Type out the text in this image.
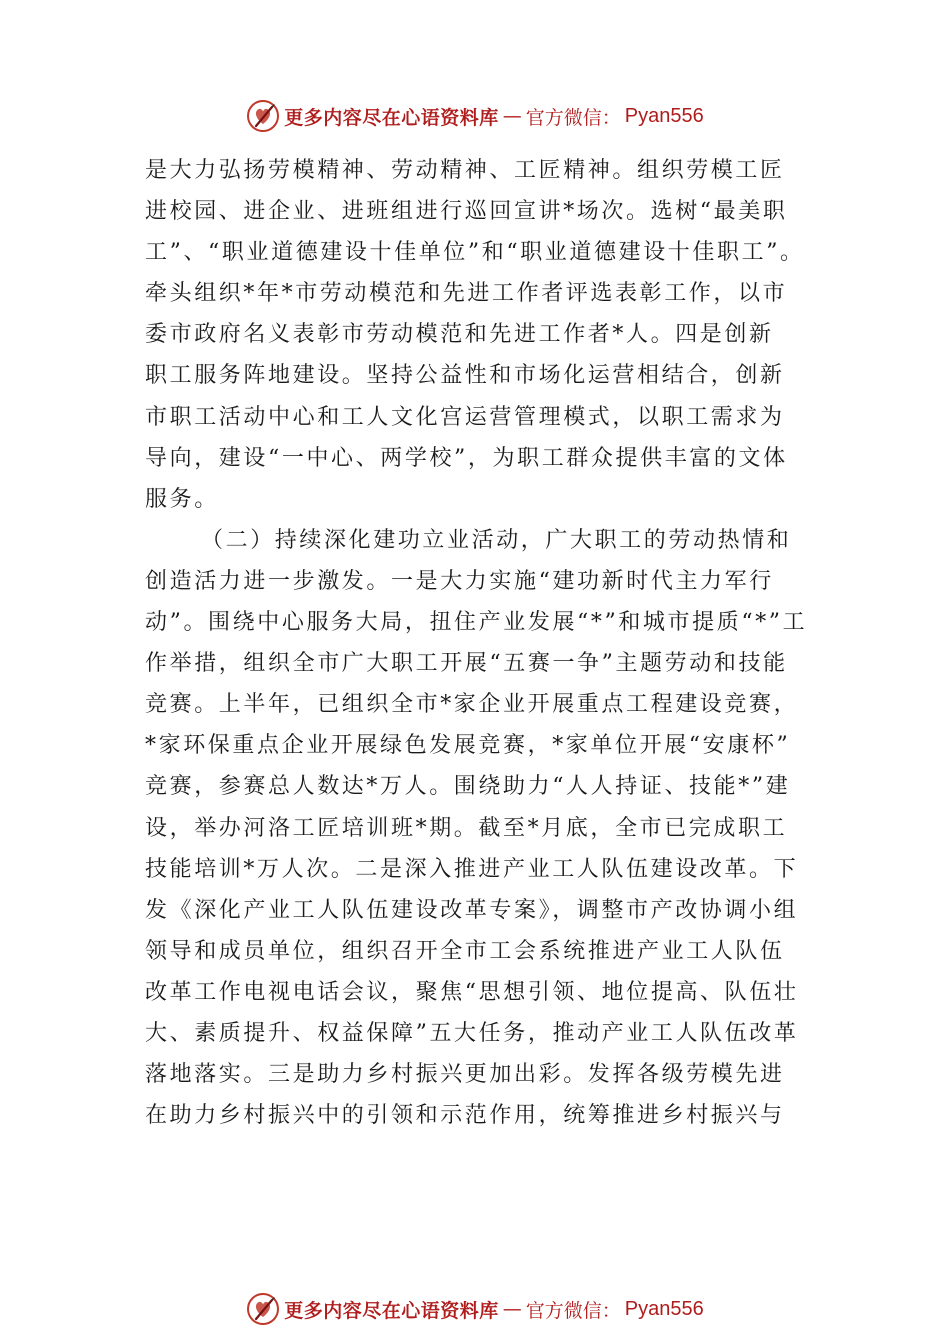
更多内容尽在心语资料库 — 官方微信： Pyan556
是大力弘扬劳模精神、劳动精神、工匠精神。组织劳模工匠
进校园、进企业、进班组进行巡回宣讲*场次。选树“最美职
工”、“职业道德建设十佳单位”和“职业道德建设十佳职工”。
牵头组织*年*市劳动模范和先进工作者评选表彰工作，以市
委市政府名义表彰市劳动模范和先进工作者*人。四是创新
职工服务阵地建设。坚持公益性和市场化运营相结合，创新
市职工活动中心和工人文化宫运营管理模式，以职工需求为
导向，建设“一中心、两学校”，为职工群众提供丰富的文体
服务。
（二）持续深化建功立业活动，广大职工的劳动热情和
创造活力进一步激发。一是大力实施“建功新时代主力军行
动”。围绕中心服务大局，扭住产业发展“*”和城市提质“*”工
作举措，组织全市广大职工开展“五赛一争”主题劳动和技能
竞赛。上半年，已组织全市*家企业开展重点工程建设竞赛，
*家环保重点企业开展绿色发展竞赛，*家单位开展“安康杯”
竞赛，参赛总人数达*万人。围绕助力“人人持证、技能*”建
设，举办河洛工匠培训班*期。截至*月底，全市已完成职工
技能培训*万人次。二是深入推进产业工人队伍建设改革。下
发《深化产业工人队伍建设改革专案》，调整市产改协调小组
领导和成员单位，组织召开全市工会系统推进产业工人队伍
改革工作电视电话会议，聚焦“思想引领、地位提高、队伍壮
大、素质提升、权益保障”五大任务，推动产业工人队伍改革
落地落实。三是助力乡村振兴更加出彩。发挥各级劳模先进
在助力乡村振兴中的引领和示范作用，统筹推进乡村振兴与
更多内容尽在心语资料库 — 官方微信： Pyan556
